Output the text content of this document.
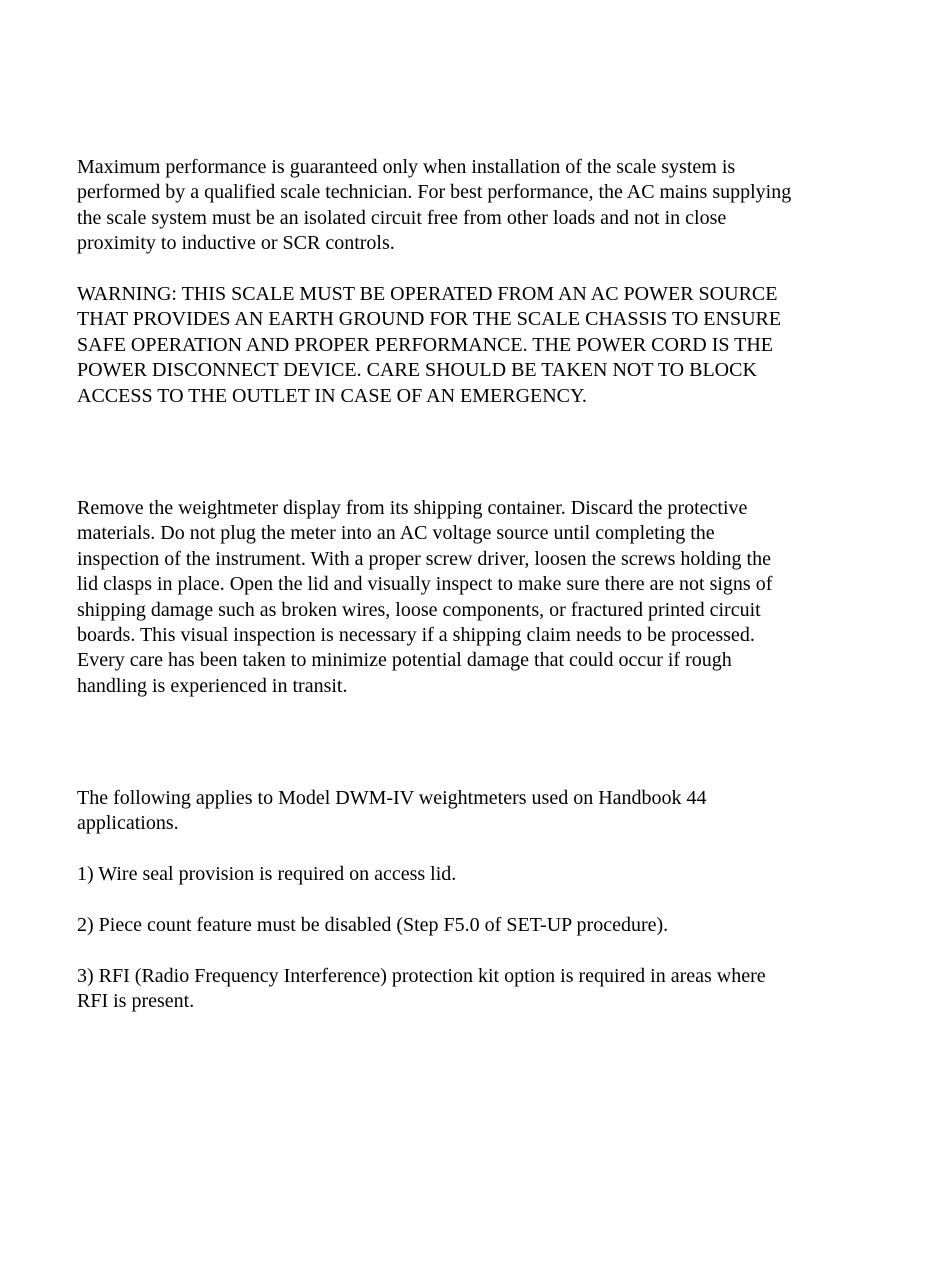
Maximum performance is guaranteed only when installation of the scale system is
performed by a qualified scale technician. For best performance, the AC mains supplying
the scale system must be an isolated circuit free from other loads and not in close
proximity to inductive or SCR controls.

WARNING: THIS SCALE MUST BE OPERATED FROM AN AC POWER SOURCE
THAT PROVIDES AN EARTH GROUND FOR THE SCALE CHASSIS TO ENSURE
SAFE OPERATION AND PROPER PERFORMANCE. THE POWER CORD IS THE
POWER DISCONNECT DEVICE. CARE SHOULD BE TAKEN NOT TO BLOCK
ACCESS TO THE OUTLET IN CASE OF AN EMERGENCY.

Remove the weightmeter display from its shipping container. Discard the protective
materials. Do not plug the meter into an AC voltage source until completing the
inspection of the instrument. With a proper screw driver, loosen the screws holding the
lid clasps in place. Open the lid and visually inspect to make sure there are not signs of
shipping damage such as broken wires, loose components, or fractured printed circuit
boards. This visual inspection is necessary if a shipping claim needs to be processed.
Every care has been taken to minimize potential damage that could occur if rough
handling is experienced in transit.

The following applies to Model DWM-IV weightmeters used on Handbook 44
applications.

1) Wire seal provision is required on access lid.

2) Piece count feature must be disabled (Step F5.0 of SET-UP procedure).

3) RFI (Radio Frequency Interference) protection kit option is required in areas where
RFI is present.
